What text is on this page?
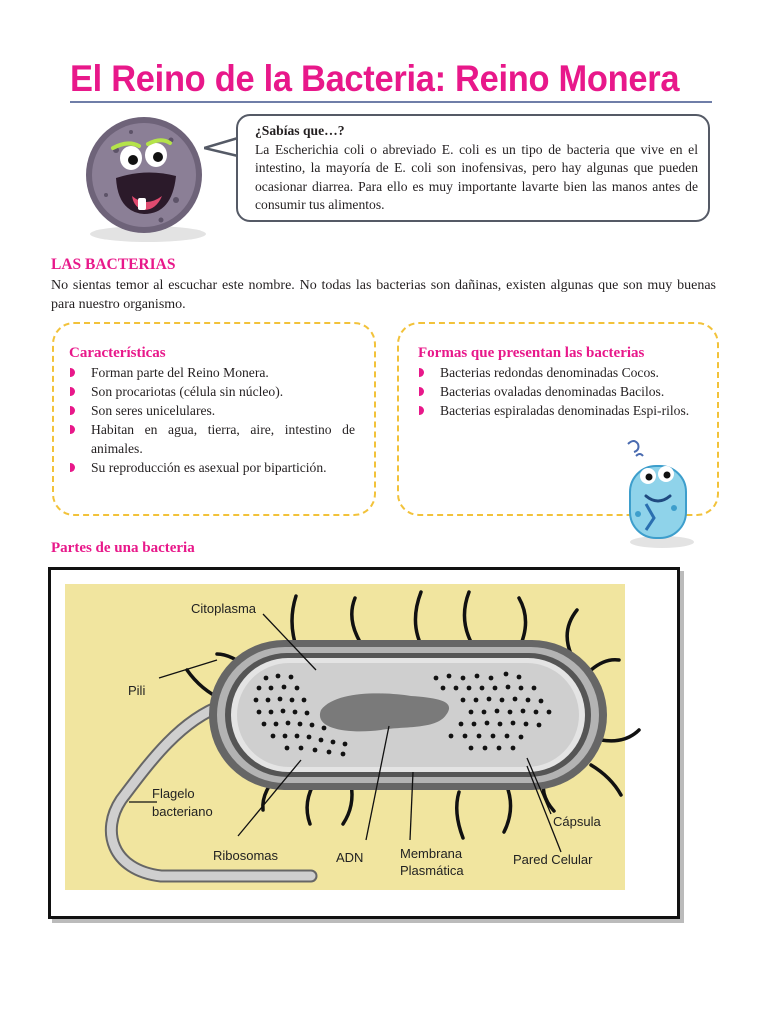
El Reino de la Bacteria: Reino Monera
¿Sabías que…?
La Escherichia coli o abreviado E. coli es un tipo de bacteria que vive en el intestino, la mayoría de E. coli son inofensivas, pero hay algunas que pueden ocasionar diarrea. Para ello es muy importante lavarte bien las manos antes de consumir tus alimentos.
LAS BACTERIAS
No sientas temor al escuchar este nombre. No todas las bacterias son dañinas, existen algunas que son muy buenas para nuestro organismo.
Características
Forman parte del Reino Monera.
Son procariotas (célula sin núcleo).
Son seres unicelulares.
Habitan en agua, tierra, aire, intestino de animales.
Su reproducción es asexual por bipartición.
Formas que presentan las bacterias
Bacterias redondas denominadas Cocos.
Bacterias ovaladas denominadas Bacilos.
Bacterias espiraladas denominadas Espi-rilos.
Partes de una bacteria
Citoplasma
Pili
Flagelo
bacteriano
Ribosomas	ADN	Membrana
Plasmática
Cápsula
Pared Celular
